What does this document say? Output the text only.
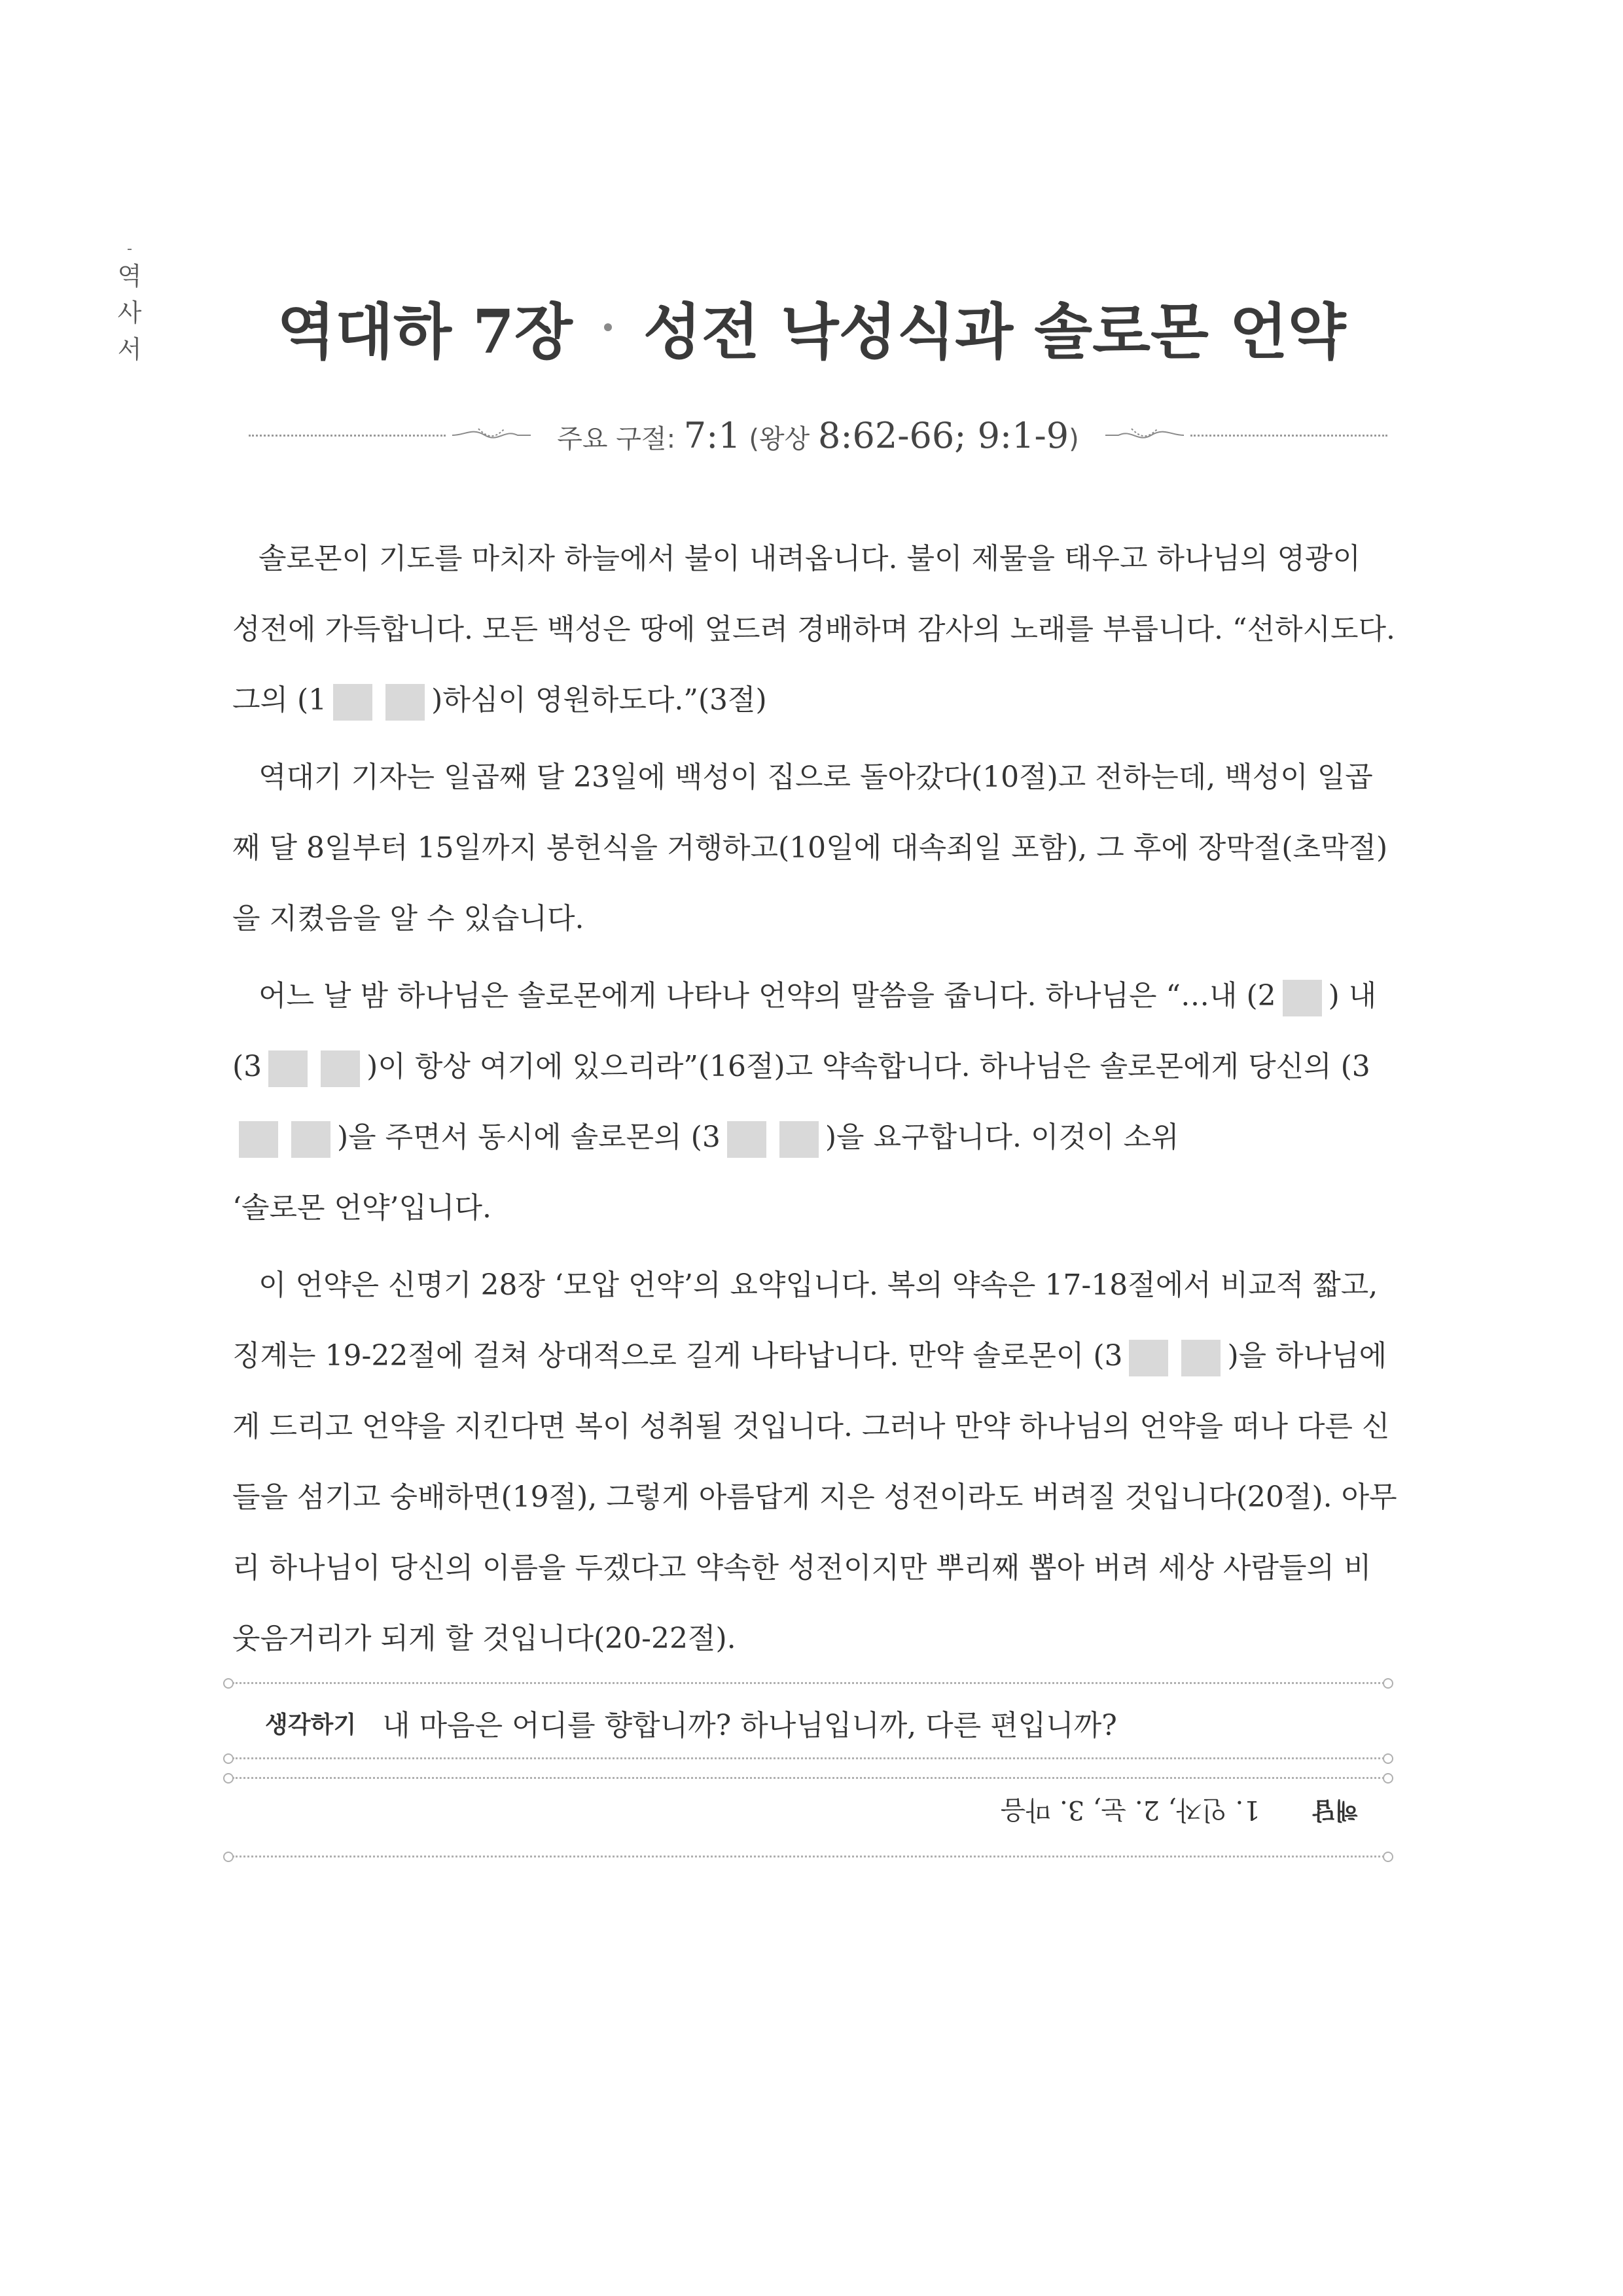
역
사
서 역대하 7장 성전 낙성식과 솔로몬 언약
주요 구절: 7:1 (왕상 8:62-66; 9:1-9)

솔로몬이 기도를 마치자 하늘에서 불이 내려옵니다. 불이 제물을 태우고 하나님의 영광이 성전에 가득합니다. 모든 백성은 땅에 엎드려 경배하며 감사의 노래를 부릅니다. “선하시도다. 그의 (1	)하심이 영원하도다.”(3절)

역대기 기자는 일곱째 달 23일에 백성이 집으로 돌아갔다(10절)고 전하는데, 백성이 일곱째 달 8일부터 15일까지 봉헌식을 거행하고(10일에 대속죄일 포함), 그 후에 장막절(초막절)을 지켰음을 알 수 있습니다.

어느 날 밤 하나님은 솔로몬에게 나타나 언약의 말씀을 줍니다. 하나님은 “…내 (2 ) 내 (3	)이 항상 여기에 있으리라”(16절)고 약속합니다. 하나님은 솔로몬에게 당신의 (3)을 주면서 동시에 솔로몬의 (3	)을 요구합니다. 이것이 소위

‘솔로몬 언약’입니다.

이 언약은 신명기 28장 ‘모압 언약’의 요약입니다. 복의 약속은 17-18절에서 비교적 짧고, 징계는 19-22절에 걸쳐 상대적으로 길게 나타납니다. 만약 솔로몬이 (3	)을 하나님에게 드리고 언약을 지킨다면 복이 성취될 것입니다. 그러나 만약 하나님의 언약을 떠나 다른 신들을 섬기고 숭배하면(19절), 그렇게 아름답게 지은 성전이라도 버려질 것입니다(20절). 아무리 하나님이 당신의 이름을 두겠다고 약속한 성전이지만 뿌리째 뽑아 버려 세상 사람들의 비웃음거리가 되게 할 것입니다(20-22절).

생각하기 내 마음은 어디를 향합니까? 하나님입니까, 다른 편입니까?
해답
1. 인자, 2. 눈, 3. 마음
